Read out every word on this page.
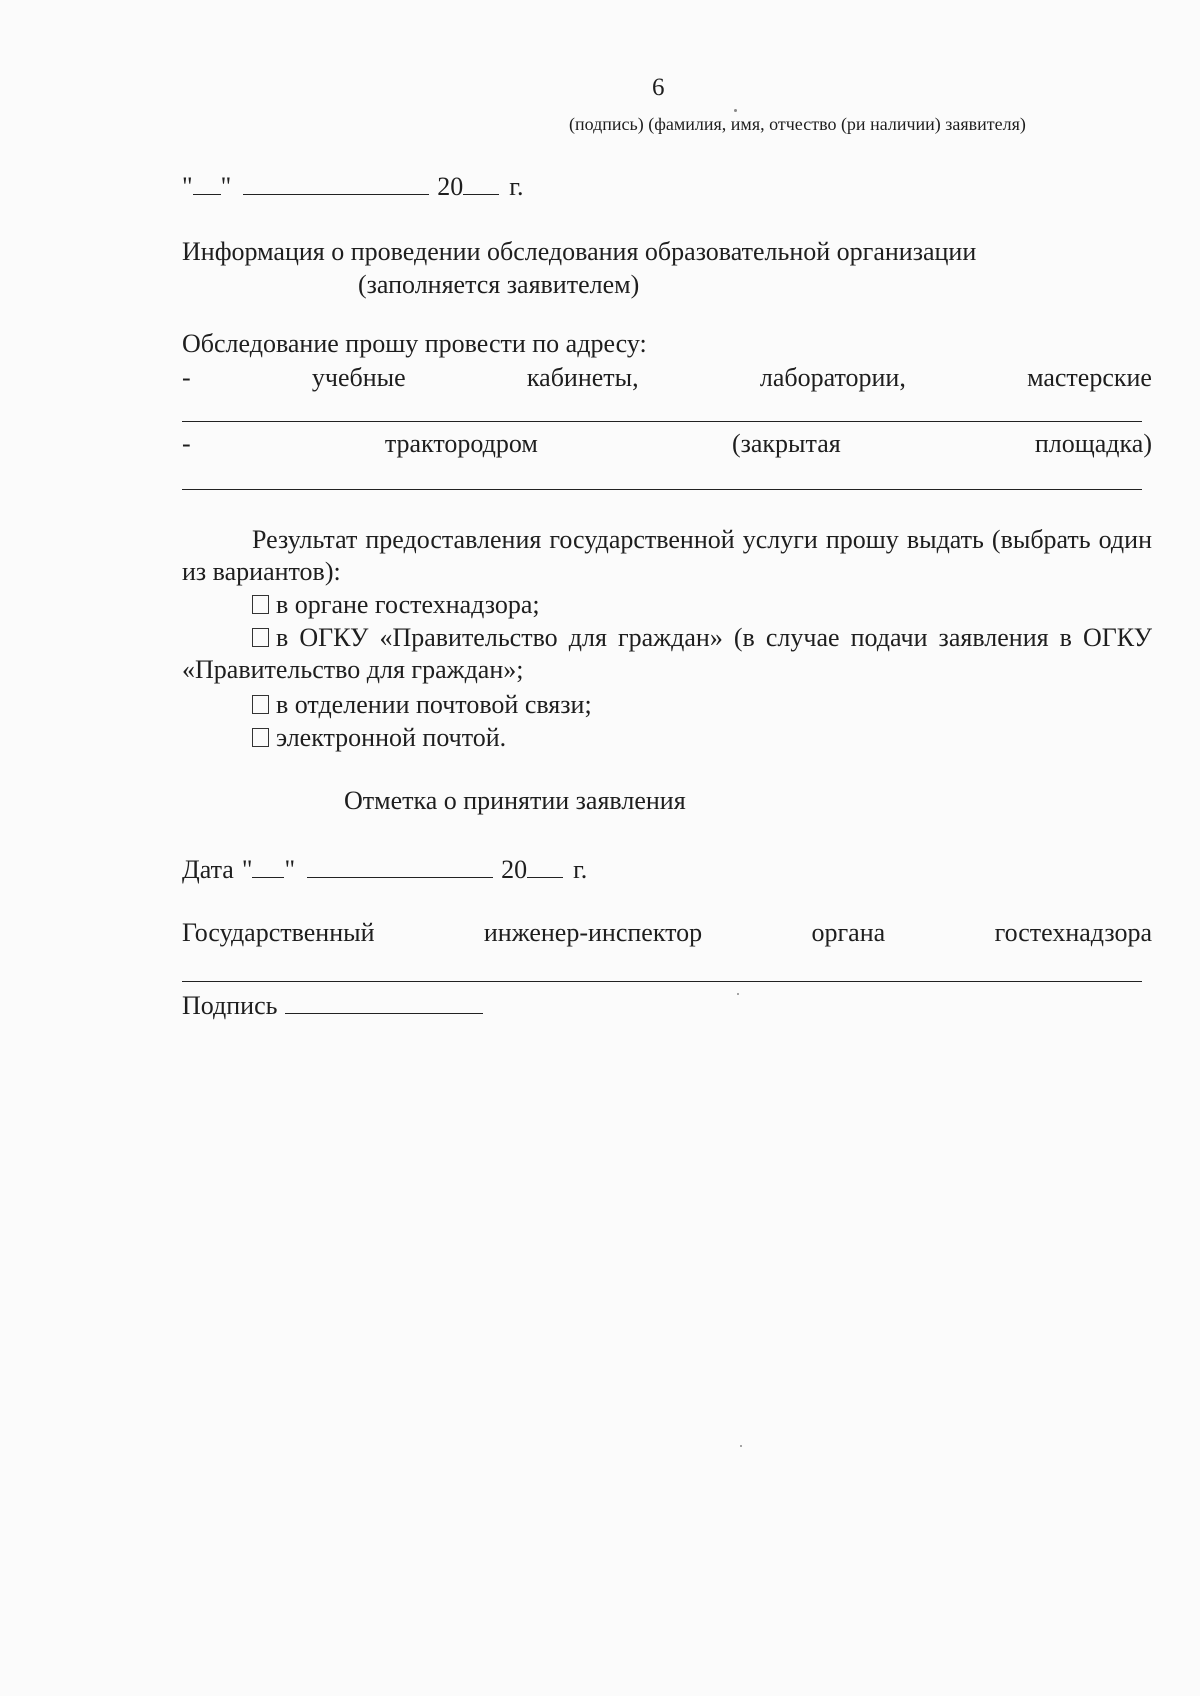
6
(подпись) (фамилия, имя, отчество (ри наличии) заявителя)
" "	20 г.
Информация о проведении обследования образовательной организации
(заполняется заявителем)
Обследование прошу провести по адресу:
-	учебные	кабинеты,	лаборатории,	мастерские
-	трактородром	(закрытая	площадка)
Результат предоставления государственной услуги прошу выдать (выбрать один из вариантов):
в органе гостехнадзора;
в ОГКУ «Правительство для граждан» (в случае подачи заявления в ОГКУ «Правительство для граждан»;
в отделении почтовой связи;
электронной почтой.
Отметка о принятии заявления
Дата " "	20 г.
Государственный	инженер-инспектор	органа	гостехнадзора
Подпись
